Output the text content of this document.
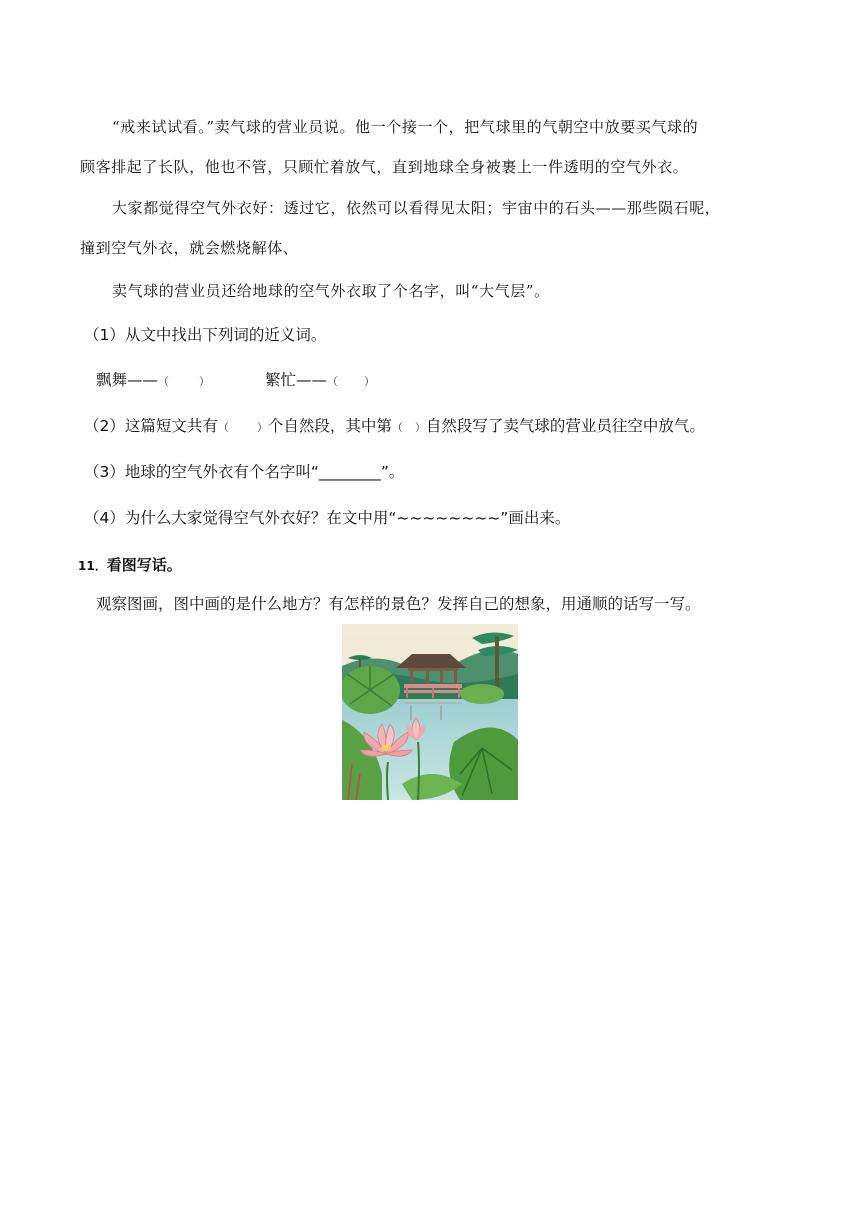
“戒来试试看。”卖气球的营业员说。他一个接一个，把气球里的气朝空中放要买气球的
顾客排起了长队，他也不管，只顾忙着放气，直到地球全身被裹上一件透明的空气外衣。
大家都觉得空气外衣好：透过它，依然可以看得见太阳；宇宙中的石头——那些陨石呢，
撞到空气外衣，就会燃烧解体、
卖气球的营业员还给地球的空气外衣取了个名字，叫“大气层”。
（1）从文中找出下列词的近义词。
飘舞——（	）	繁忙——（ ）
（2）这篇短文共有（	）个自然段，其中第（ ）自然段写了卖气球的营业员往空中放气。
（3）地球的空气外衣有个名字叫“________”。
（4）为什么大家觉得空气外衣好？在文中用“~~~~~~~~”画出来。
11．看图写话。
观察图画，图中画的是什么地方？有怎样的景色？发挥自己的想象，用通顺的话写一写。
